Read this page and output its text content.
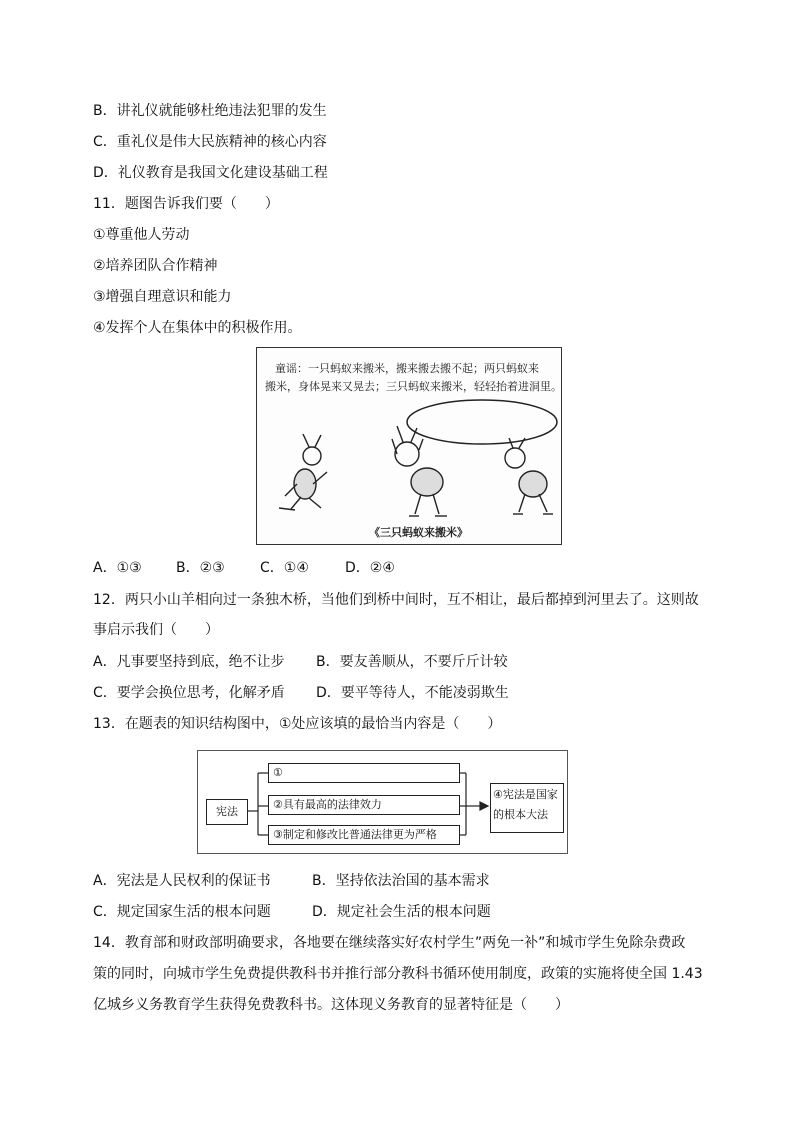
B．讲礼仪就能够杜绝违法犯罪的发生
C．重礼仪是伟大民族精神的核心内容
D．礼仪教育是我国文化建设基础工程
11．题图告诉我们要（　　）
①尊重他人劳动
②培养团队合作精神
③增强自理意识和能力
④发挥个人在集体中的积极作用。
童谣：一只蚂蚁来搬米，搬来搬去搬不起；两只蚂蚁来
搬米，身体晃来又晃去；三只蚂蚁来搬米，轻轻抬着进洞里。
《三只蚂蚁来搬米》
A．①③ B．②③	C．①④	D．②④
12．两只小山羊相向过一条独木桥，当他们到桥中间时，互不相让，最后都掉到河里去了。这则故
事启示我们（　　）
A．凡事要坚持到底，绝不让步 B．要友善顺从，不要斤斤计较
C．要学会换位思考，化解矛盾 D．要平等待人，不能凌弱欺生
13．在题表的知识结构图中，①处应该填的最恰当内容是（　　）
宪法
①
②具有最高的法律效力
③制定和修改比普通法律更为严格
④宪法是国家
的根本大法
A．宪法是人民权利的保证书	B．坚持依法治国的基本需求
C．规定国家生活的根本问题	D．规定社会生活的根本问题
14．教育部和财政部明确要求，各地要在继续落实好农村学生”两免一补”和城市学生免除杂费政
策的同时，向城市学生免费提供教科书并推行部分教科书循环使用制度，政策的实施将使全国 1.43
亿城乡义务教育学生获得免费教科书。这体现义务教育的显著特征是（　　）
